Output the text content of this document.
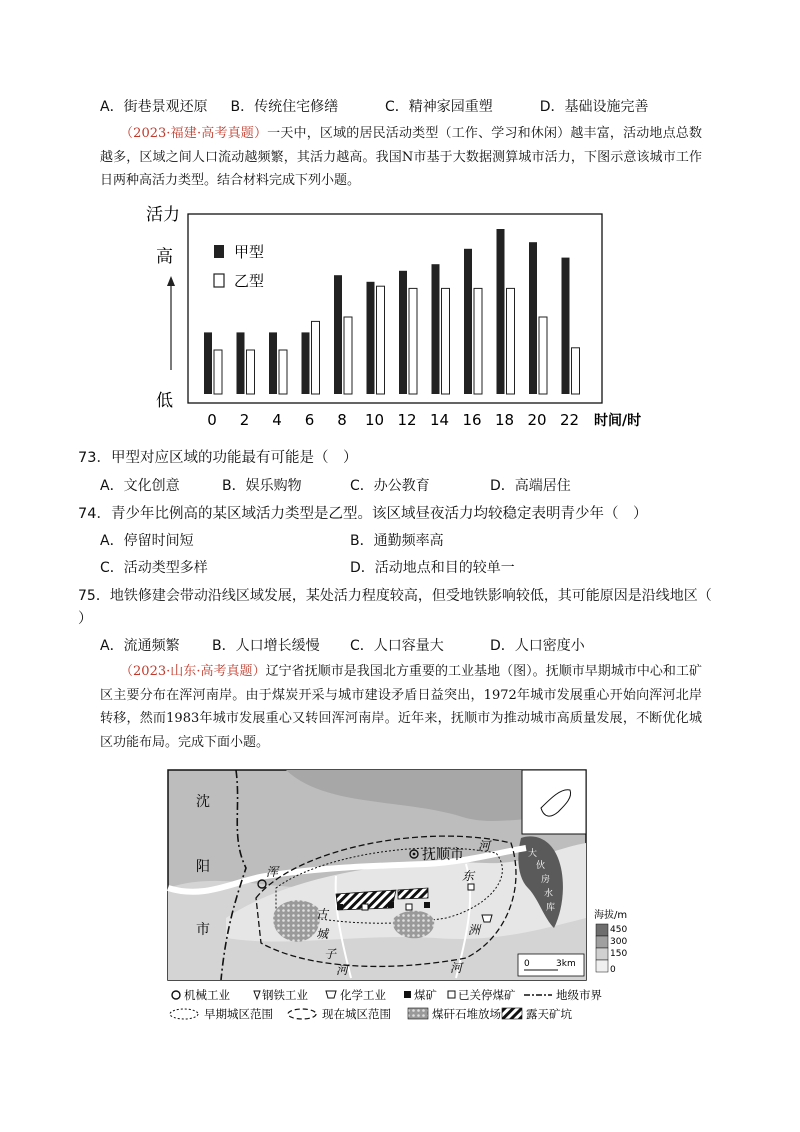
A．街巷景观还原 B．传统住宅修缮	C．精神家园重塑	D．基础设施完善
（2023·福建·高考真题）一天中，区域的居民活动类型（工作、学习和休闲）越丰富，活动地点总数越多，区域之间人口流动越频繁，其活力越高。我国N市基于大数据测算城市活力，下图示意该城市工作日两种高活力类型。结合材料完成下列小题。
活力
高
低
甲型
乙型
0 2 4 6 8 10 12 14 16 18 20 22 时间/时
73．甲型对应区域的功能最有可能是（　）
A．文化创意	B．娱乐购物	C．办公教育	D．高端居住
74．青少年比例高的某区域活力类型是乙型。该区域昼夜活力均较稳定表明青少年（　）
A．停留时间短	B．通勤频率高
C．活动类型多样	D．活动地点和目的较单一
75．地铁修建会带动沿线区域发展，某处活力程度较高，但受地铁影响较低，其可能原因是沿线地区（
）
A．流通频繁 B．人口增长缓慢 C．人口容量大	D．人口密度小
（2023·山东·高考真题）辽宁省抚顺市是我国北方重要的工业基地（图）。抚顺市早期城市中心和工矿区主要分布在浑河南岸。由于煤炭开采与城市建设矛盾日益突出，1972年城市发展重心开始向浑河北岸转移，然而1983年城市发展重心又转回浑河南岸。近年来，抚顺市为推动城市高质量发展，不断优化城区功能布局。完成下面小题。
抚顺市
沈
阳
市
浑
河
古
城
子
河
东
洲
河
大
伙
房
水
库
0	3km
海拔/m
450
300
150
0
机械工业	钢铁工业	化学工业 煤矿 已关停煤矿	地级市界
早期城区范围	现在城区范围	煤矸石堆放场 露天矿坑
